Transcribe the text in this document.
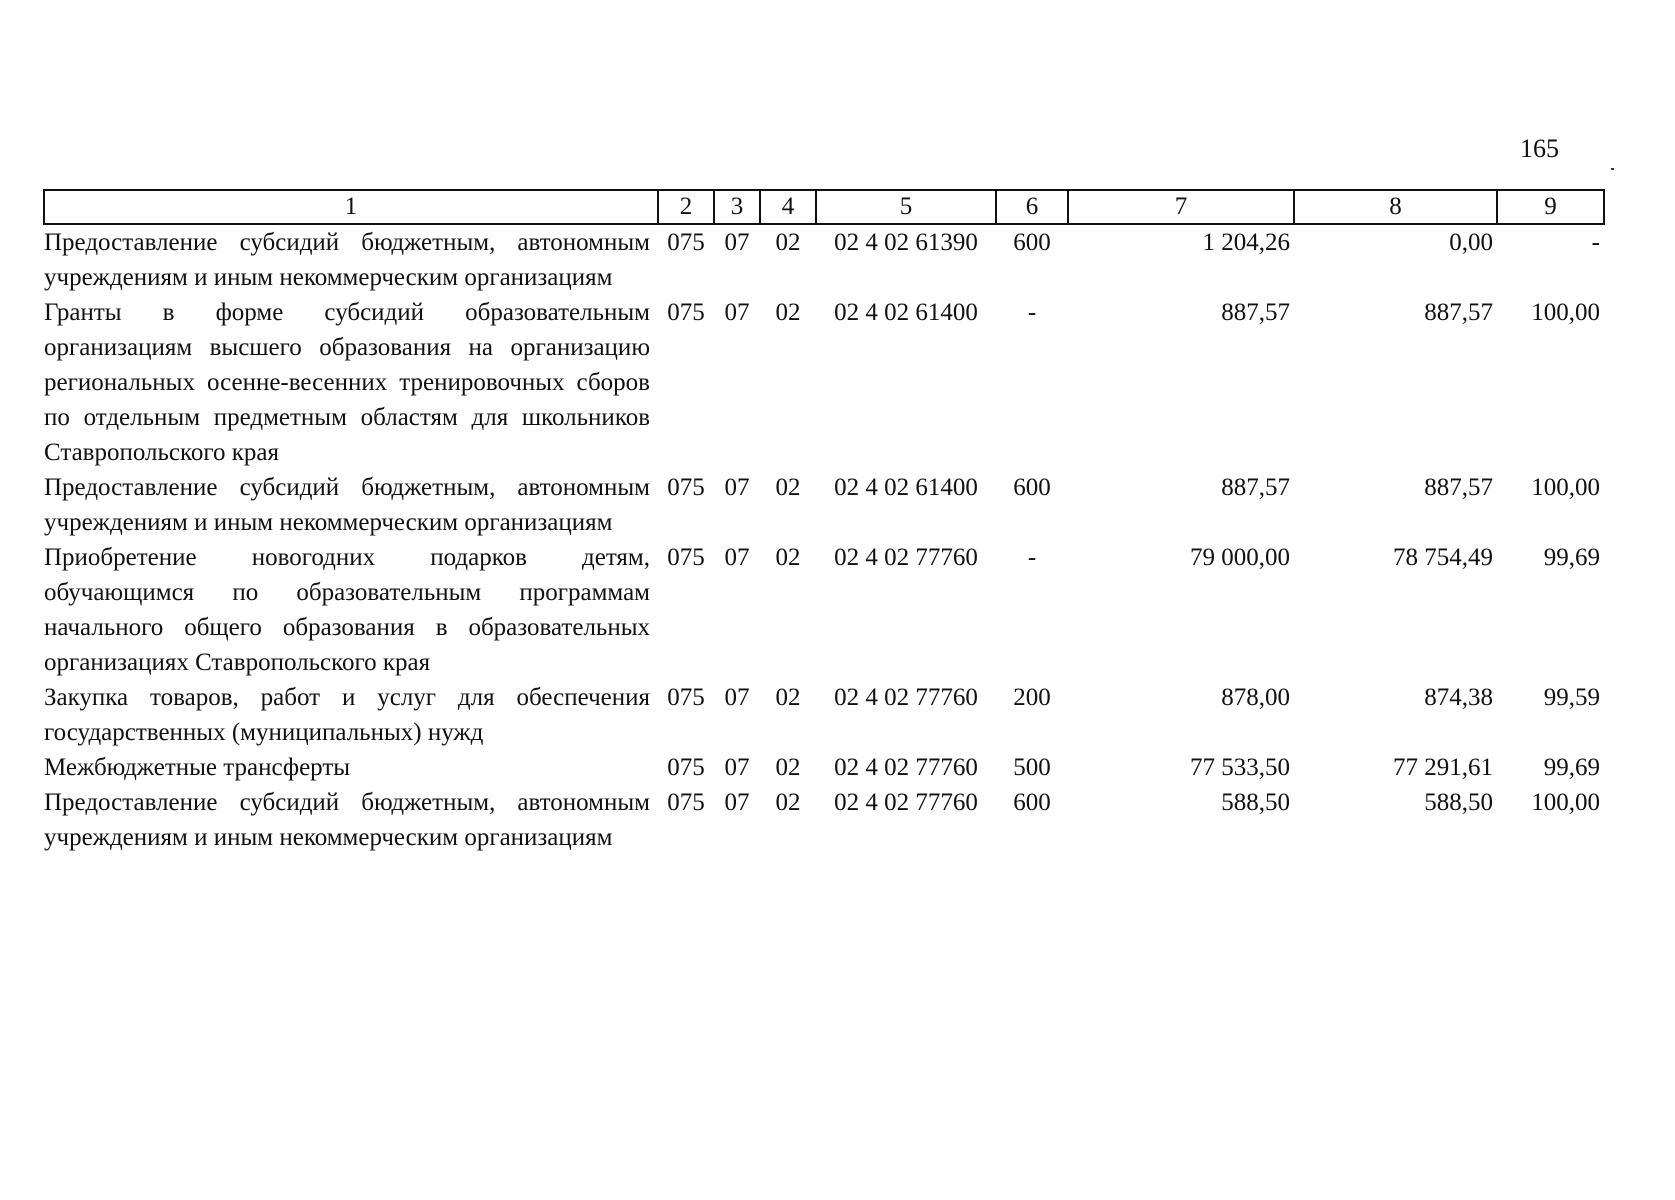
165
1	2	3	4	5	6	7	8	9
Предоставление субсидий бюджетным, автономным учреждениям и иным некоммерческим организациям	075	07	02	02 4 02 61390	600	1 204,26	0,00	-
Гранты в форме субсидий образовательным организациям высшего образования на организацию региональных осенне-весенних тренировочных сборов по отдельным предметным областям для школьников Ставропольского края	075	07	02	02 4 02 61400	-	887,57	887,57	100,00
Предоставление субсидий бюджетным, автономным учреждениям и иным некоммерческим организациям	075	07	02	02 4 02 61400	600	887,57	887,57	100,00
Приобретение новогодних подарков детям, обучающимся по образовательным программам начального общего образования в образовательных организациях Ставропольского края	075	07	02	02 4 02 77760	-	79 000,00	78 754,49	99,69
Закупка товаров, работ и услуг для обеспечения государственных (муниципальных) нужд	075	07	02	02 4 02 77760	200	878,00	874,38	99,59
Межбюджетные трансферты	075	07	02	02 4 02 77760	500	77 533,50	77 291,61	99,69
Предоставление субсидий бюджетным, автономным учреждениям и иным некоммерческим организациям	075	07	02	02 4 02 77760	600	588,50	588,50	100,00
